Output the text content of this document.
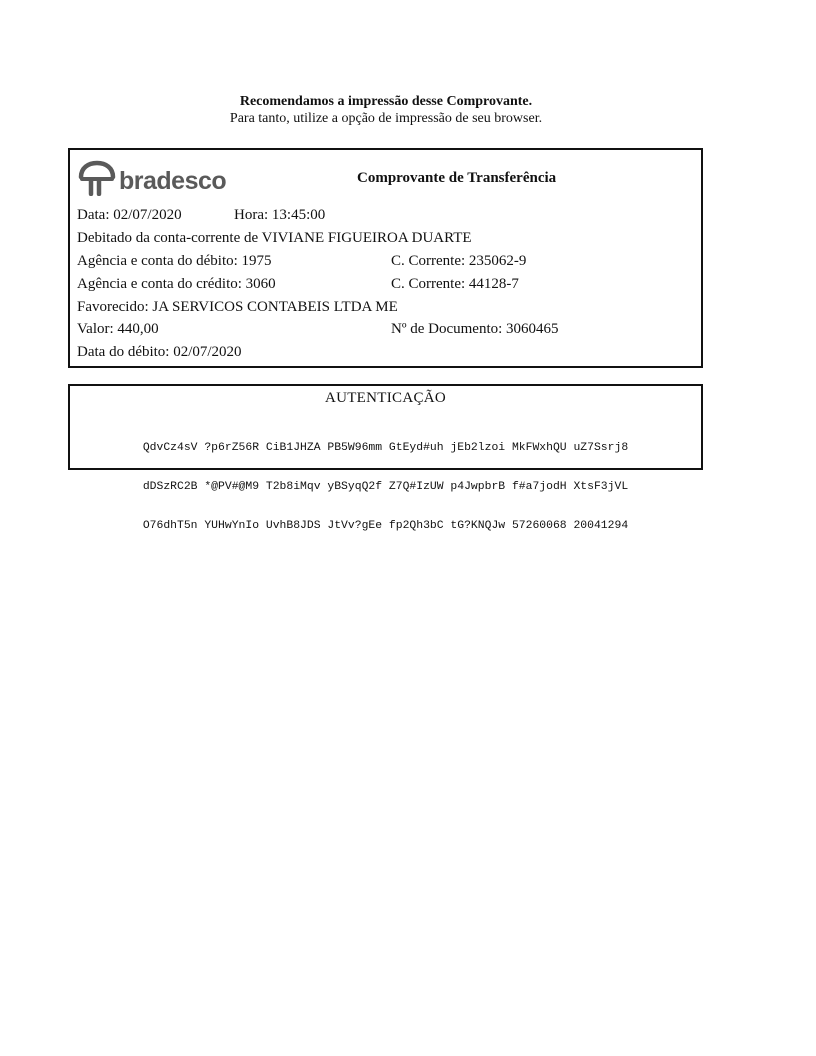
Recomendamos a impressão desse Comprovante.
Para tanto, utilize a opção de impressão de seu browser.
bradesco	Comprovante de Transferência
Data: 02/07/2020	Hora: 13:45:00
Debitado da conta-corrente de VIVIANE FIGUEIROA DUARTE
Agência e conta do débito: 1975	C. Corrente: 235062-9
Agência e conta do crédito: 3060	C. Corrente: 44128-7
Favorecido: JA SERVICOS CONTABEIS LTDA ME
Valor: 440,00	Nº de Documento: 3060465
Data do débito: 02/07/2020
AUTENTICAÇÃO

QdvCz4sV ?p6rZ56R CiB1JHZA PB5W96mm GtEyd#uh jEb2lzoi MkFWxhQU uZ7Ssrj8

dDSzRC2B *@PV#@M9 T2b8iMqv yBSyqQ2f Z7Q#IzUW p4JwpbrB f#a7jodH XtsF3jVL

O76dhT5n YUHwYnIo UvhB8JDS JtVv?gEe fp2Qh3bC tG?KNQJw 57260068 20041294
